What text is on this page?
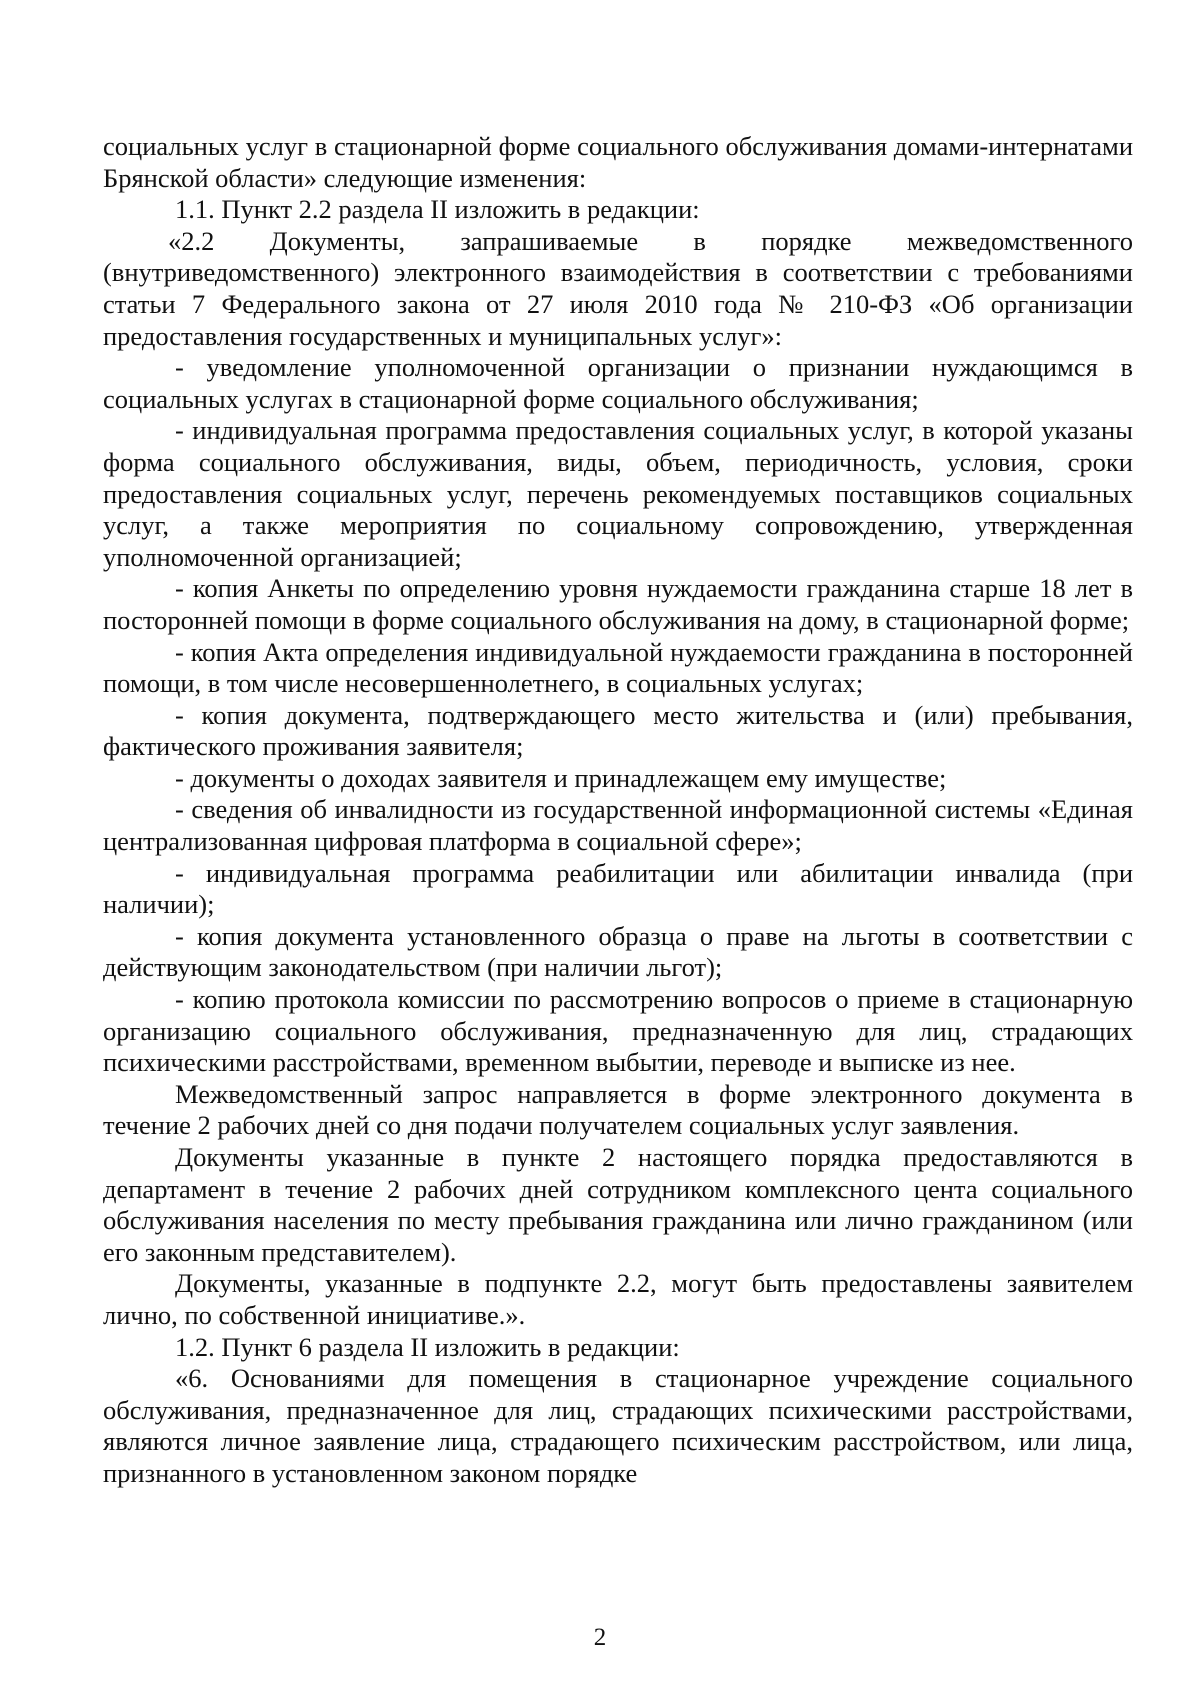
социальных услуг в стационарной форме социального обслуживания домами-интернатами Брянской области» следующие изменения:

1.1. Пункт 2.2 раздела II изложить в редакции:

«2.2 Документы, запрашиваемые в порядке межведомственного (внутриведомственного) электронного взаимодействия в соответствии с требованиями статьи 7 Федерального закона от 27 июля 2010 года № 210-ФЗ «Об организации предоставления государственных и муниципальных услуг»:

- уведомление уполномоченной организации о признании нуждающимся в социальных услугах в стационарной форме социального обслуживания;

- индивидуальная программа предоставления социальных услуг, в которой указаны форма социального обслуживания, виды, объем, периодичность, условия, сроки предоставления социальных услуг, перечень рекомендуемых поставщиков социальных услуг, а также мероприятия по социальному сопровождению, утвержденная уполномоченной организацией;

- копия Анкеты по определению уровня нуждаемости гражданина старше 18 лет в посторонней помощи в форме социального обслуживания на дому, в стационарной форме;

- копия Акта определения индивидуальной нуждаемости гражданина в посторонней помощи, в том числе несовершеннолетнего, в социальных услугах;

- копия документа, подтверждающего место жительства и (или) пребывания, фактического проживания заявителя;

- документы о доходах заявителя и принадлежащем ему имуществе;

- сведения об инвалидности из государственной информационной системы «Единая централизованная цифровая платформа в социальной сфере»;

- индивидуальная программа реабилитации или абилитации инвалида (при наличии);

- копия документа установленного образца о праве на льготы в соответствии с действующим законодательством (при наличии льгот);

- копию протокола комиссии по рассмотрению вопросов о приеме в стационарную организацию социального обслуживания, предназначенную для лиц, страдающих психическими расстройствами, временном выбытии, переводе и выписке из нее.

Межведомственный запрос направляется в форме электронного документа в течение 2 рабочих дней со дня подачи получателем социальных услуг заявления.

Документы указанные в пункте 2 настоящего порядка предоставляются в департамент в течение 2 рабочих дней сотрудником комплексного цента социального обслуживания населения по месту пребывания гражданина или лично гражданином (или его законным представителем).

Документы, указанные в подпункте 2.2, могут быть предоставлены заявителем лично, по собственной инициативе.».

1.2. Пункт 6 раздела II изложить в редакции:

«6. Основаниями для помещения в стационарное учреждение социального обслуживания, предназначенное для лиц, страдающих психическими расстройствами, являются личное заявление лица, страдающего психическим расстройством, или лица, признанного в установленном законом порядке

2
